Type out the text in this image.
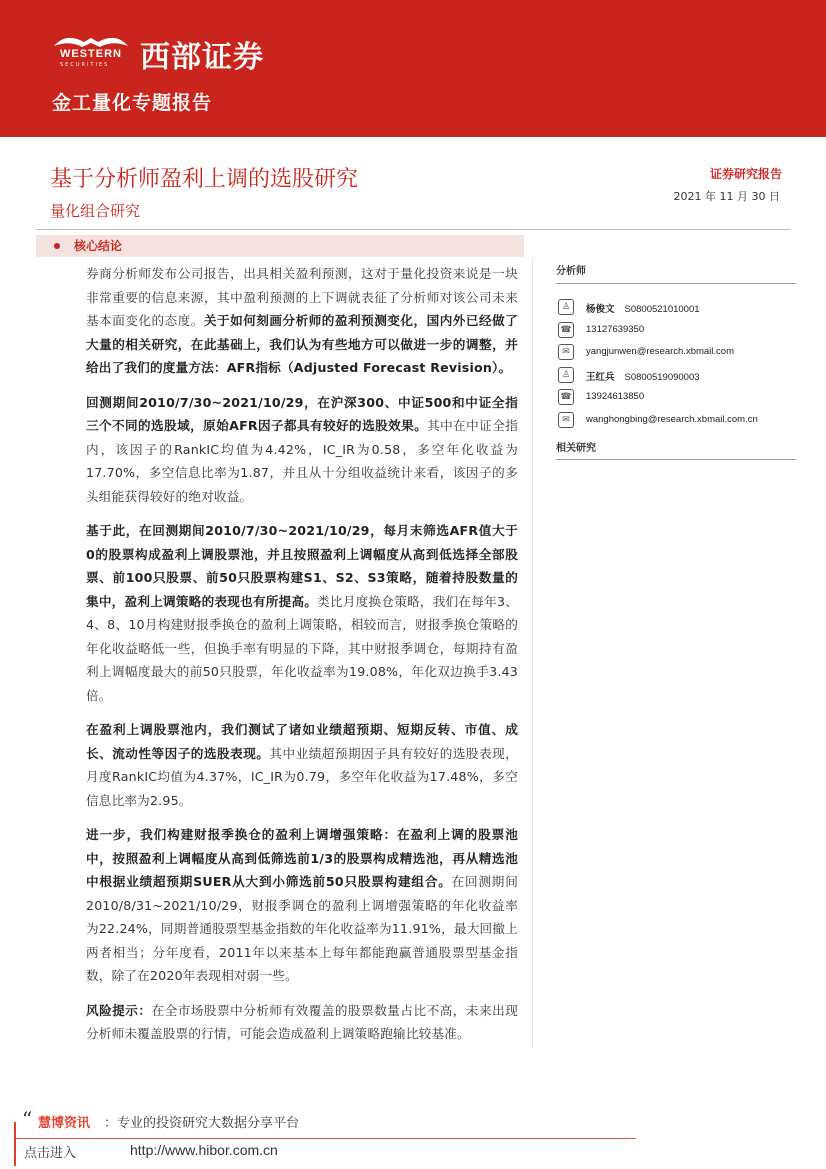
WESTERN
SECURITIES 西部证券
金工量化专题报告
基于分析师盈利上调的选股研究
量化组合研究
证券研究报告
2021 年 11 月 30 日
核心结论

券商分析师发布公司报告，出具相关盈利预测，这对于量化投资来说是一块非常重要的信息来源，其中盈利预测的上下调就表征了分析师对该公司未来基本面变化的态度。关于如何刻画分析师的盈利预测变化，国内外已经做了大量的相关研究，在此基础上，我们认为有些地方可以做进一步的调整，并给出了我们的度量方法：AFR指标（Adjusted Forecast Revision）。

回测期间2010/7/30~2021/10/29，在沪深300、中证500和中证全指三个不同的选股域，原始AFR因子都具有较好的选股效果。其中在中证全指内，该因子的RankIC均值为4.42%，IC_IR为0.58，多空年化收益为17.70%，多空信息比率为1.87，并且从十分组收益统计来看，该因子的多头组能获得较好的绝对收益。

基于此，在回测期间2010/7/30~2021/10/29，每月末筛选AFR值大于0的股票构成盈利上调股票池，并且按照盈利上调幅度从高到低选择全部股票、前100只股票、前50只股票构建S1、S2、S3策略，随着持股数量的集中，盈利上调策略的表现也有所提高。类比月度换仓策略，我们在每年3、4、8、10月构建财报季换仓的盈利上调策略，相较而言，财报季换仓策略的年化收益略低一些，但换手率有明显的下降，其中财报季调仓，每期持有盈利上调幅度最大的前50只股票，年化收益率为19.08%，年化双边换手3.43倍。

在盈利上调股票池内，我们测试了诸如业绩超预期、短期反转、市值、成长、流动性等因子的选股表现。其中业绩超预期因子具有较好的选股表现，月度RankIC均值为4.37%，IC_IR为0.79，多空年化收益为17.48%，多空信息比率为2.95。

进一步，我们构建财报季换仓的盈利上调增强策略：在盈利上调的股票池中，按照盈利上调幅度从高到低筛选前1/3的股票构成精选池，再从精选池中根据业绩超预期SUER从大到小筛选前50只股票构建组合。在回测期间2010/8/31~2021/10/29，财报季调仓的盈利上调增强策略的年化收益率为22.24%，同期普通股票型基金指数的年化收益率为11.91%，最大回撤上两者相当；分年度看，2011年以来基本上每年都能跑赢普通股票型基金指数，除了在2020年表现相对弱一些。

风险提示：在全市场股票中分析师有效覆盖的股票数量占比不高，未来出现分析师未覆盖股票的行情，可能会造成盈利上调策略跑输比较基准。

分析师
♙	杨俊文 S0800521010001
☎ 13127639350
✉	yangjunwen@research.xbmail.com
♙	王红兵 S0800519090003
☎ 13924613850
✉	wanghongbing@research.xbmail.com.cn
相关研究
“ 慧博资讯 ：专业的投资研究大数据分享平台
点击进入	http://www.hibor.com.cn
